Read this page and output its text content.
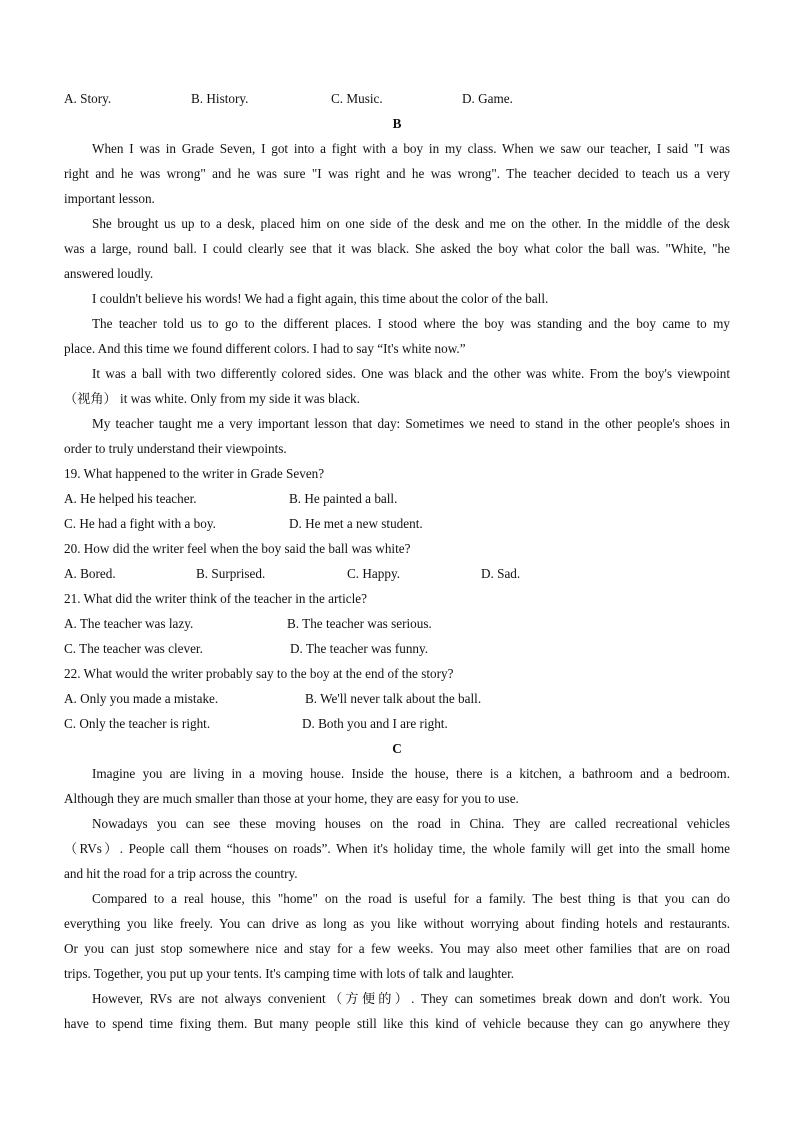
A. Story.	B. History.	C. Music.	D. Game.
B
When I was in Grade Seven, I got into a fight with a boy in my class. When we saw our teacher, I said "I was
right and he was wrong" and he was sure "I was right and he was wrong". The teacher decided to teach us a very
important lesson.
She brought us up to a desk, placed him on one side of the desk and me on the other. In the middle of the desk
was a large, round ball. I could clearly see that it was black. She asked the boy what color the ball was. "White, "he
answered loudly.
I couldn't believe his words! We had a fight again, this time about the color of the ball.
The teacher told us to go to the different places. I stood where the boy was standing and the boy came to my
place. And this time we found different colors. I had to say “It's white now.”
It was a ball with two differently colored sides. One was black and the other was white. From the boy's viewpoint
（视角） it was white. Only from my side it was black.
My teacher taught me a very important lesson that day: Sometimes we need to stand in the other people's shoes in
order to truly understand their viewpoints.
19. What happened to the writer in Grade Seven?
A. He helped his teacher.	B. He painted a ball.
C. He had a fight with a boy.	D. He met a new student.
20. How did the writer feel when the boy said the ball was white?
A. Bored.	B. Surprised.	C. Happy.	D. Sad.
21. What did the writer think of the teacher in the article?
A. The teacher was lazy.	B. The teacher was serious.
C. The teacher was clever.	D. The teacher was funny.
22. What would the writer probably say to the boy at the end of the story?
A. Only you made a mistake.	B. We'll never talk about the ball.
C. Only the teacher is right.	D. Both you and I are right.
C
Imagine you are living in a moving house. Inside the house, there is a kitchen, a bathroom and a bedroom.
Although they are much smaller than those at your home, they are easy for you to use.
Nowadays you can see these moving houses on the road in China. They are called recreational vehicles
（RVs）. People call them “houses on roads”. When it's holiday time, the whole family will get into the small home
and hit the road for a trip across the country.
Compared to a real house, this "home" on the road is useful for a family. The best thing is that you can do
everything you like freely. You can drive as long as you like without worrying about finding hotels and restaurants.
Or you can just stop somewhere nice and stay for a few weeks. You may also meet other families that are on road
trips. Together, you put up your tents. It's camping time with lots of talk and laughter.
However, RVs are not always convenient（方便的）. They can sometimes break down and don't work. You
have to spend time fixing them. But many people still like this kind of vehicle because they can go anywhere they
